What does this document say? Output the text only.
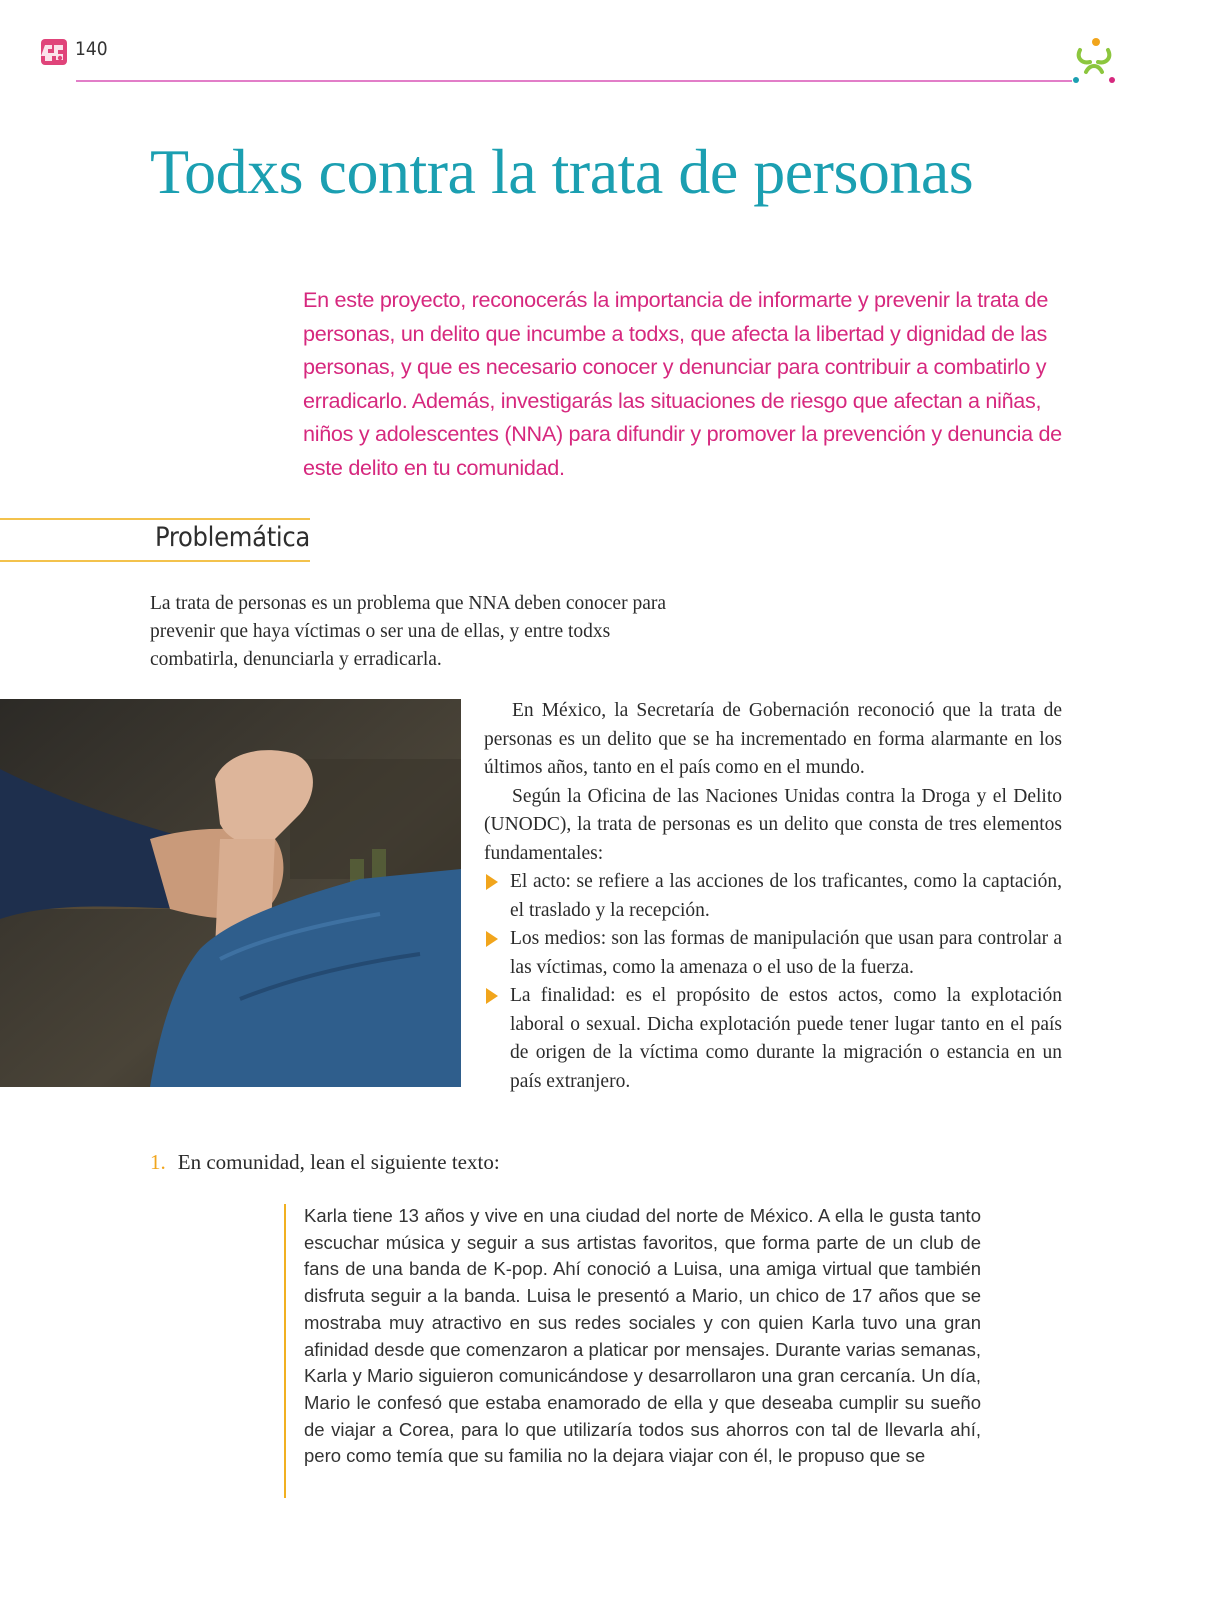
140
Todxs contra la trata de personas

En este proyecto, reconocerás la importancia de informarte y prevenir la trata de personas, un delito que incumbe a todxs, que afecta la libertad y dignidad de las personas, y que es necesario conocer y denunciar para contribuir a combatirlo y erradicarlo. Además, investigarás las situaciones de riesgo que afectan a niñas, niños y adolescentes (NNA) para difundir y promover la prevención y denuncia de este delito en tu comunidad.

Problemática

La trata de personas es un problema que NNA deben conocer para prevenir que haya víctimas o ser una de ellas, y entre todxs combatirla, denunciarla y erradicarla.

En México, la Secretaría de Gobernación reconoció que la trata de personas es un delito que se ha incrementado en forma alarmante en los últimos años, tanto en el país como en el mundo.

Según la Oficina de las Naciones Unidas contra la Droga y el Delito (UNODC), la trata de personas es un delito que consta de tres elementos fundamentales:

El acto: se refiere a las acciones de los traficantes, como la captación, el traslado y la recepción.
Los medios: son las formas de manipulación que usan para controlar a las víctimas, como la amenaza o el uso de la fuerza.
La finalidad: es el propósito de estos actos, como la explotación laboral o sexual. Dicha explotación puede tener lugar tanto en el país de origen de la víctima como durante la migración o estancia en un país extranjero.
1. En comunidad, lean el siguiente texto:

Karla tiene 13 años y vive en una ciudad del norte de México. A ella le gusta tanto escuchar música y seguir a sus artistas favoritos, que forma parte de un club de fans de una banda de K-pop. Ahí conoció a Luisa, una amiga virtual que también disfruta seguir a la banda. Luisa le presentó a Mario, un chico de 17 años que se mostraba muy atractivo en sus redes sociales y con quien Karla tuvo una gran afinidad desde que comenzaron a platicar por mensajes. Durante varias semanas, Karla y Mario siguieron comunicándose y desarrollaron una gran cercanía. Un día, Mario le confesó que estaba enamorado de ella y que deseaba cumplir su sueño de viajar a Corea, para lo que utilizaría todos sus ahorros con tal de llevarla ahí, pero como temía que su familia no la dejara viajar con él, le propuso que se
